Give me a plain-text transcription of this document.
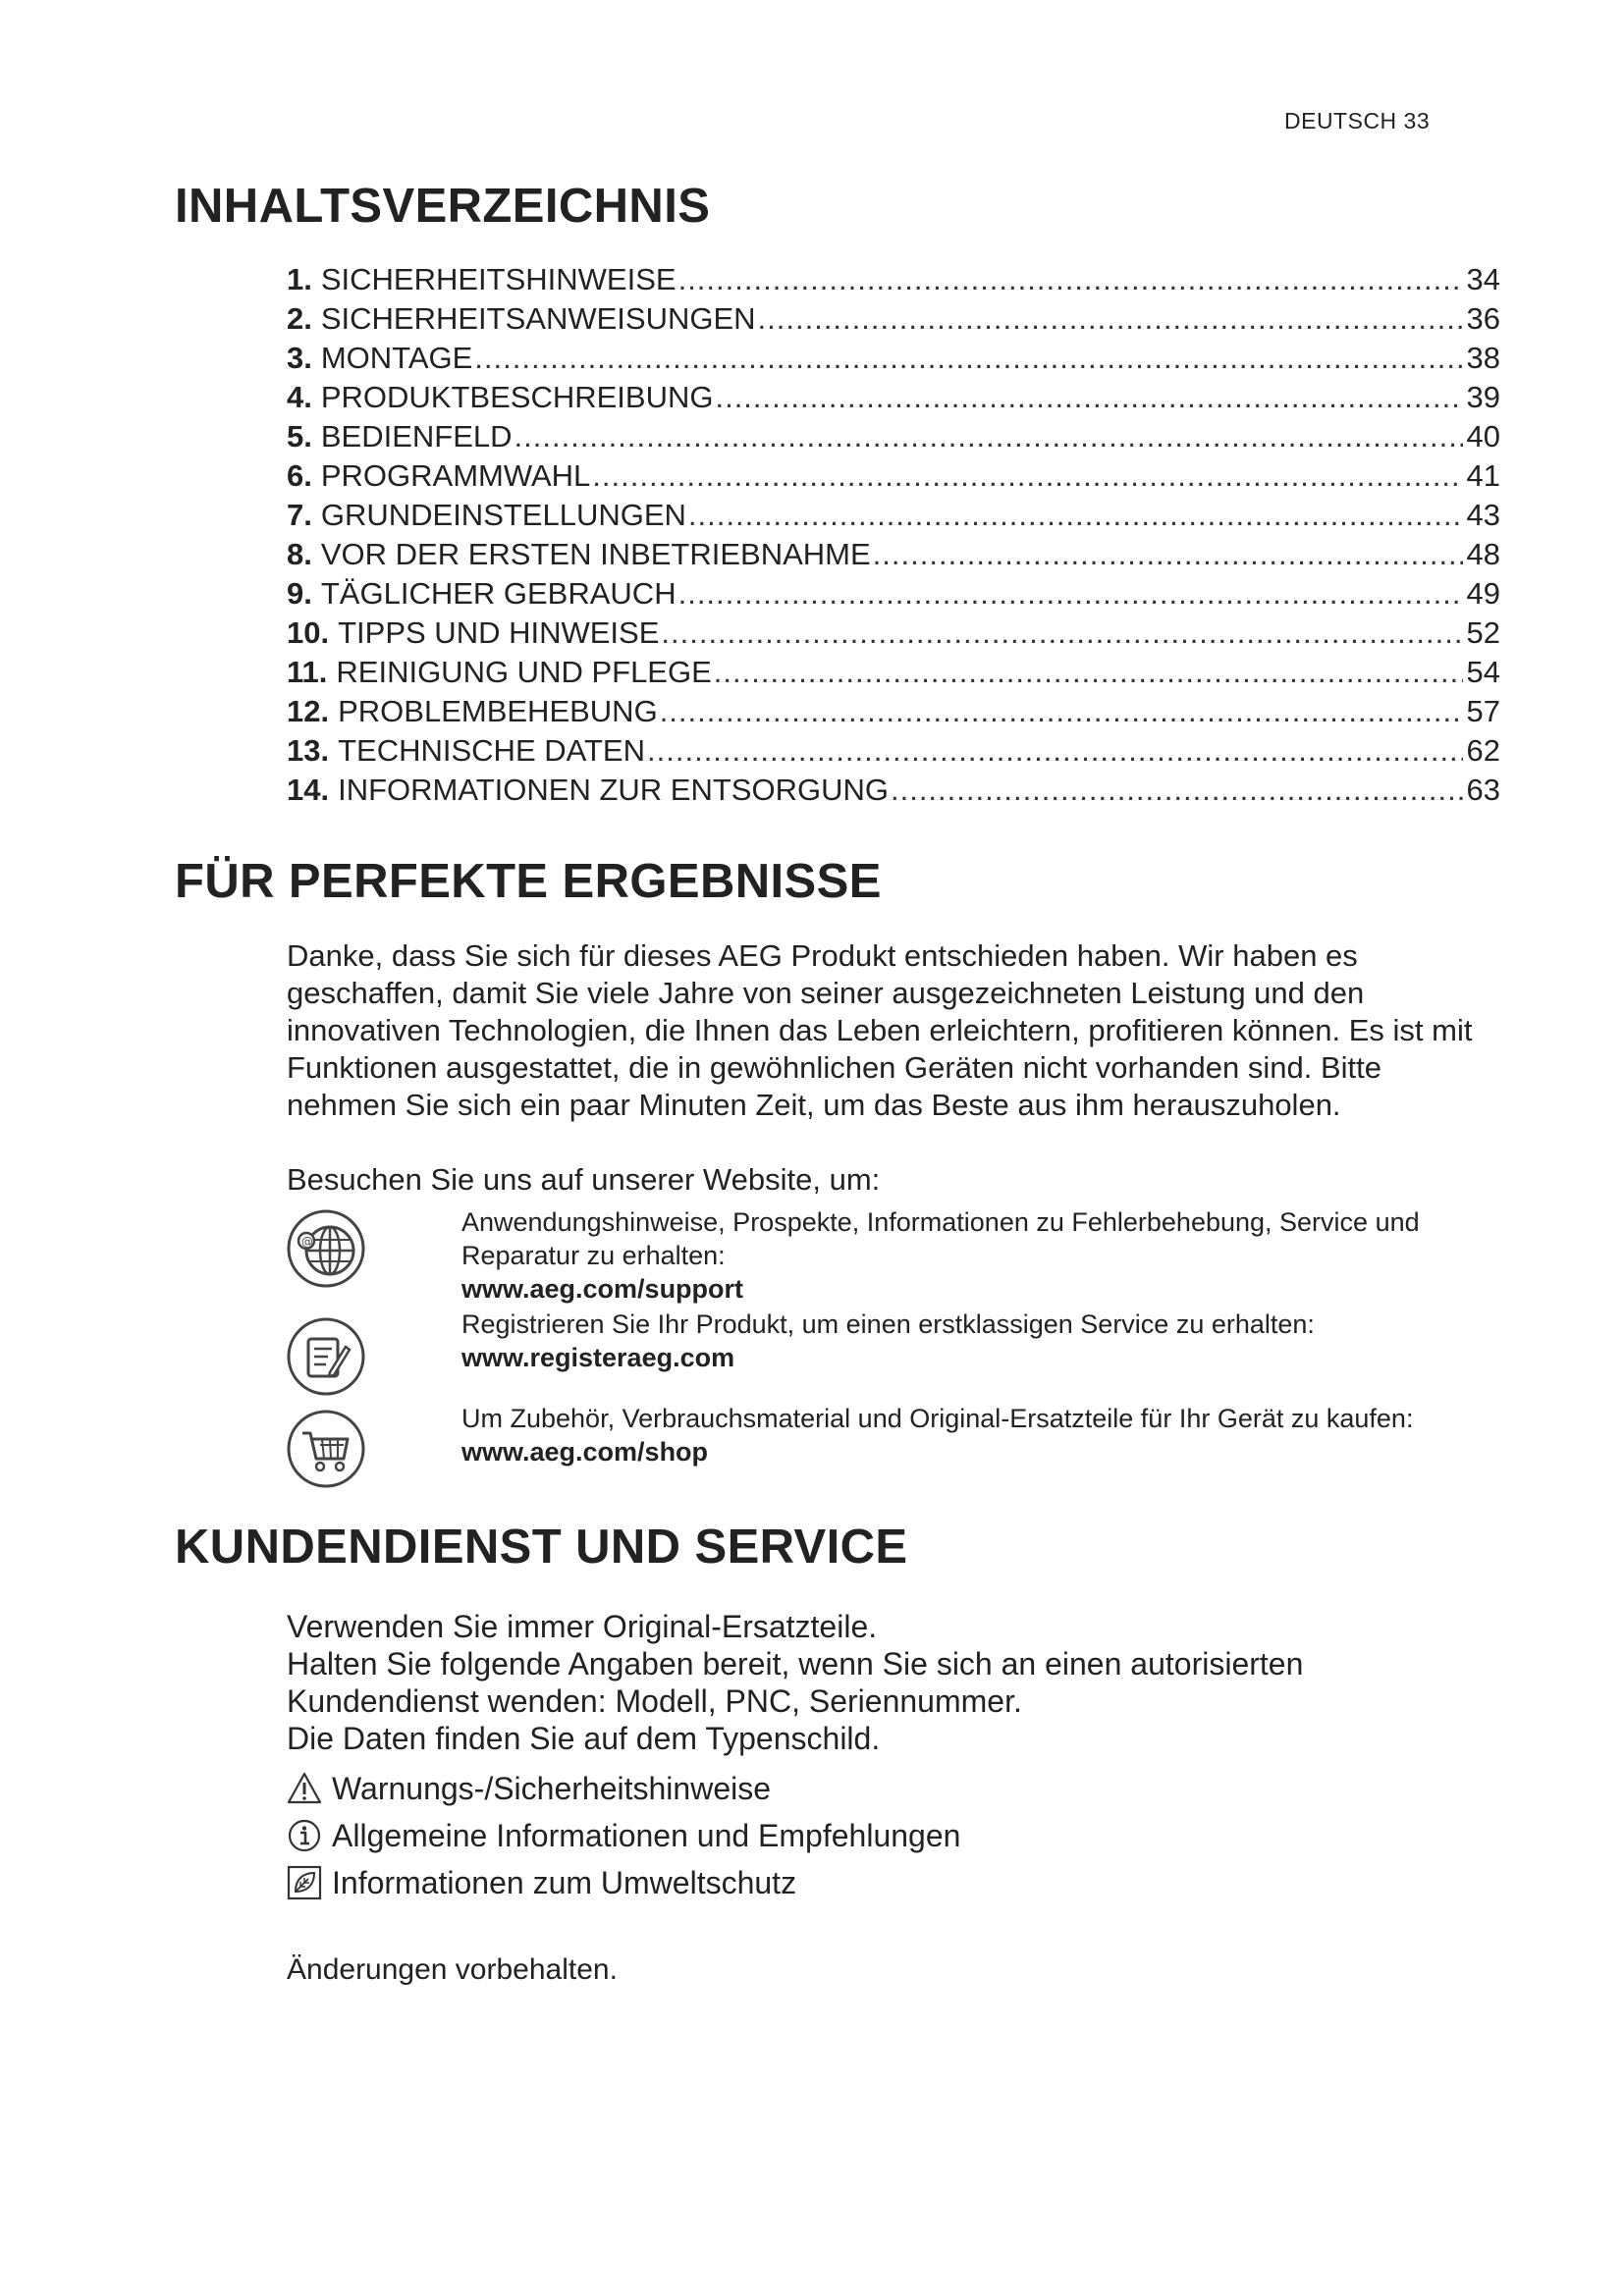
DEUTSCH 33
INHALTSVERZEICHNIS
1. SICHERHEITSHINWEISE .....	34
2. SICHERHEITSANWEISUNGEN .....	36
3. MONTAGE .....	38
4. PRODUKTBESCHREIBUNG .....	39
5. BEDIENFELD .....	40
6. PROGRAMMWAHL .....	41
7. GRUNDEINSTELLUNGEN .....	43
8. VOR DER ERSTEN INBETRIEBNAHME .....	48
9. TÄGLICHER GEBRAUCH .....	49
10. TIPPS UND HINWEISE .....	52
11. REINIGUNG UND PFLEGE .....	54
12. PROBLEMBEHEBUNG .....	57
13. TECHNISCHE DATEN .....	62
14. INFORMATIONEN ZUR ENTSORGUNG .....	63
FÜR PERFEKTE ERGEBNISSE

Danke, dass Sie sich für dieses AEG Produkt entschieden haben. Wir haben es geschaffen, damit Sie viele Jahre von seiner ausgezeichneten Leistung und den innovativen Technologien, die Ihnen das Leben erleichtern, profitieren können. Es ist mit Funktionen ausgestattet, die in gewöhnlichen Geräten nicht vorhanden sind. Bitte nehmen Sie sich ein paar Minuten Zeit, um das Beste aus ihm herauszuholen.

Besuchen Sie uns auf unserer Website, um:

@
Anwendungshinweise, Prospekte, Informationen zu Fehlerbehebung, Service und Reparatur zu erhalten:
www.aeg.com/support
Registrieren Sie Ihr Produkt, um einen erstklassigen Service zu erhalten:
www.registeraeg.com
Um Zubehör, Verbrauchsmaterial und Original-Ersatzteile für Ihr Gerät zu kaufen:
www.aeg.com/shop
KUNDENDIENST UND SERVICE

Verwenden Sie immer Original-Ersatzteile.

Halten Sie folgende Angaben bereit, wenn Sie sich an einen autorisierten

Kundendienst wenden: Modell, PNC, Seriennummer.

Die Daten finden Sie auf dem Typenschild.

Warnungs-/Sicherheitshinweise
Allgemeine Informationen und Empfehlungen
Informationen zum Umweltschutz

Änderungen vorbehalten.
